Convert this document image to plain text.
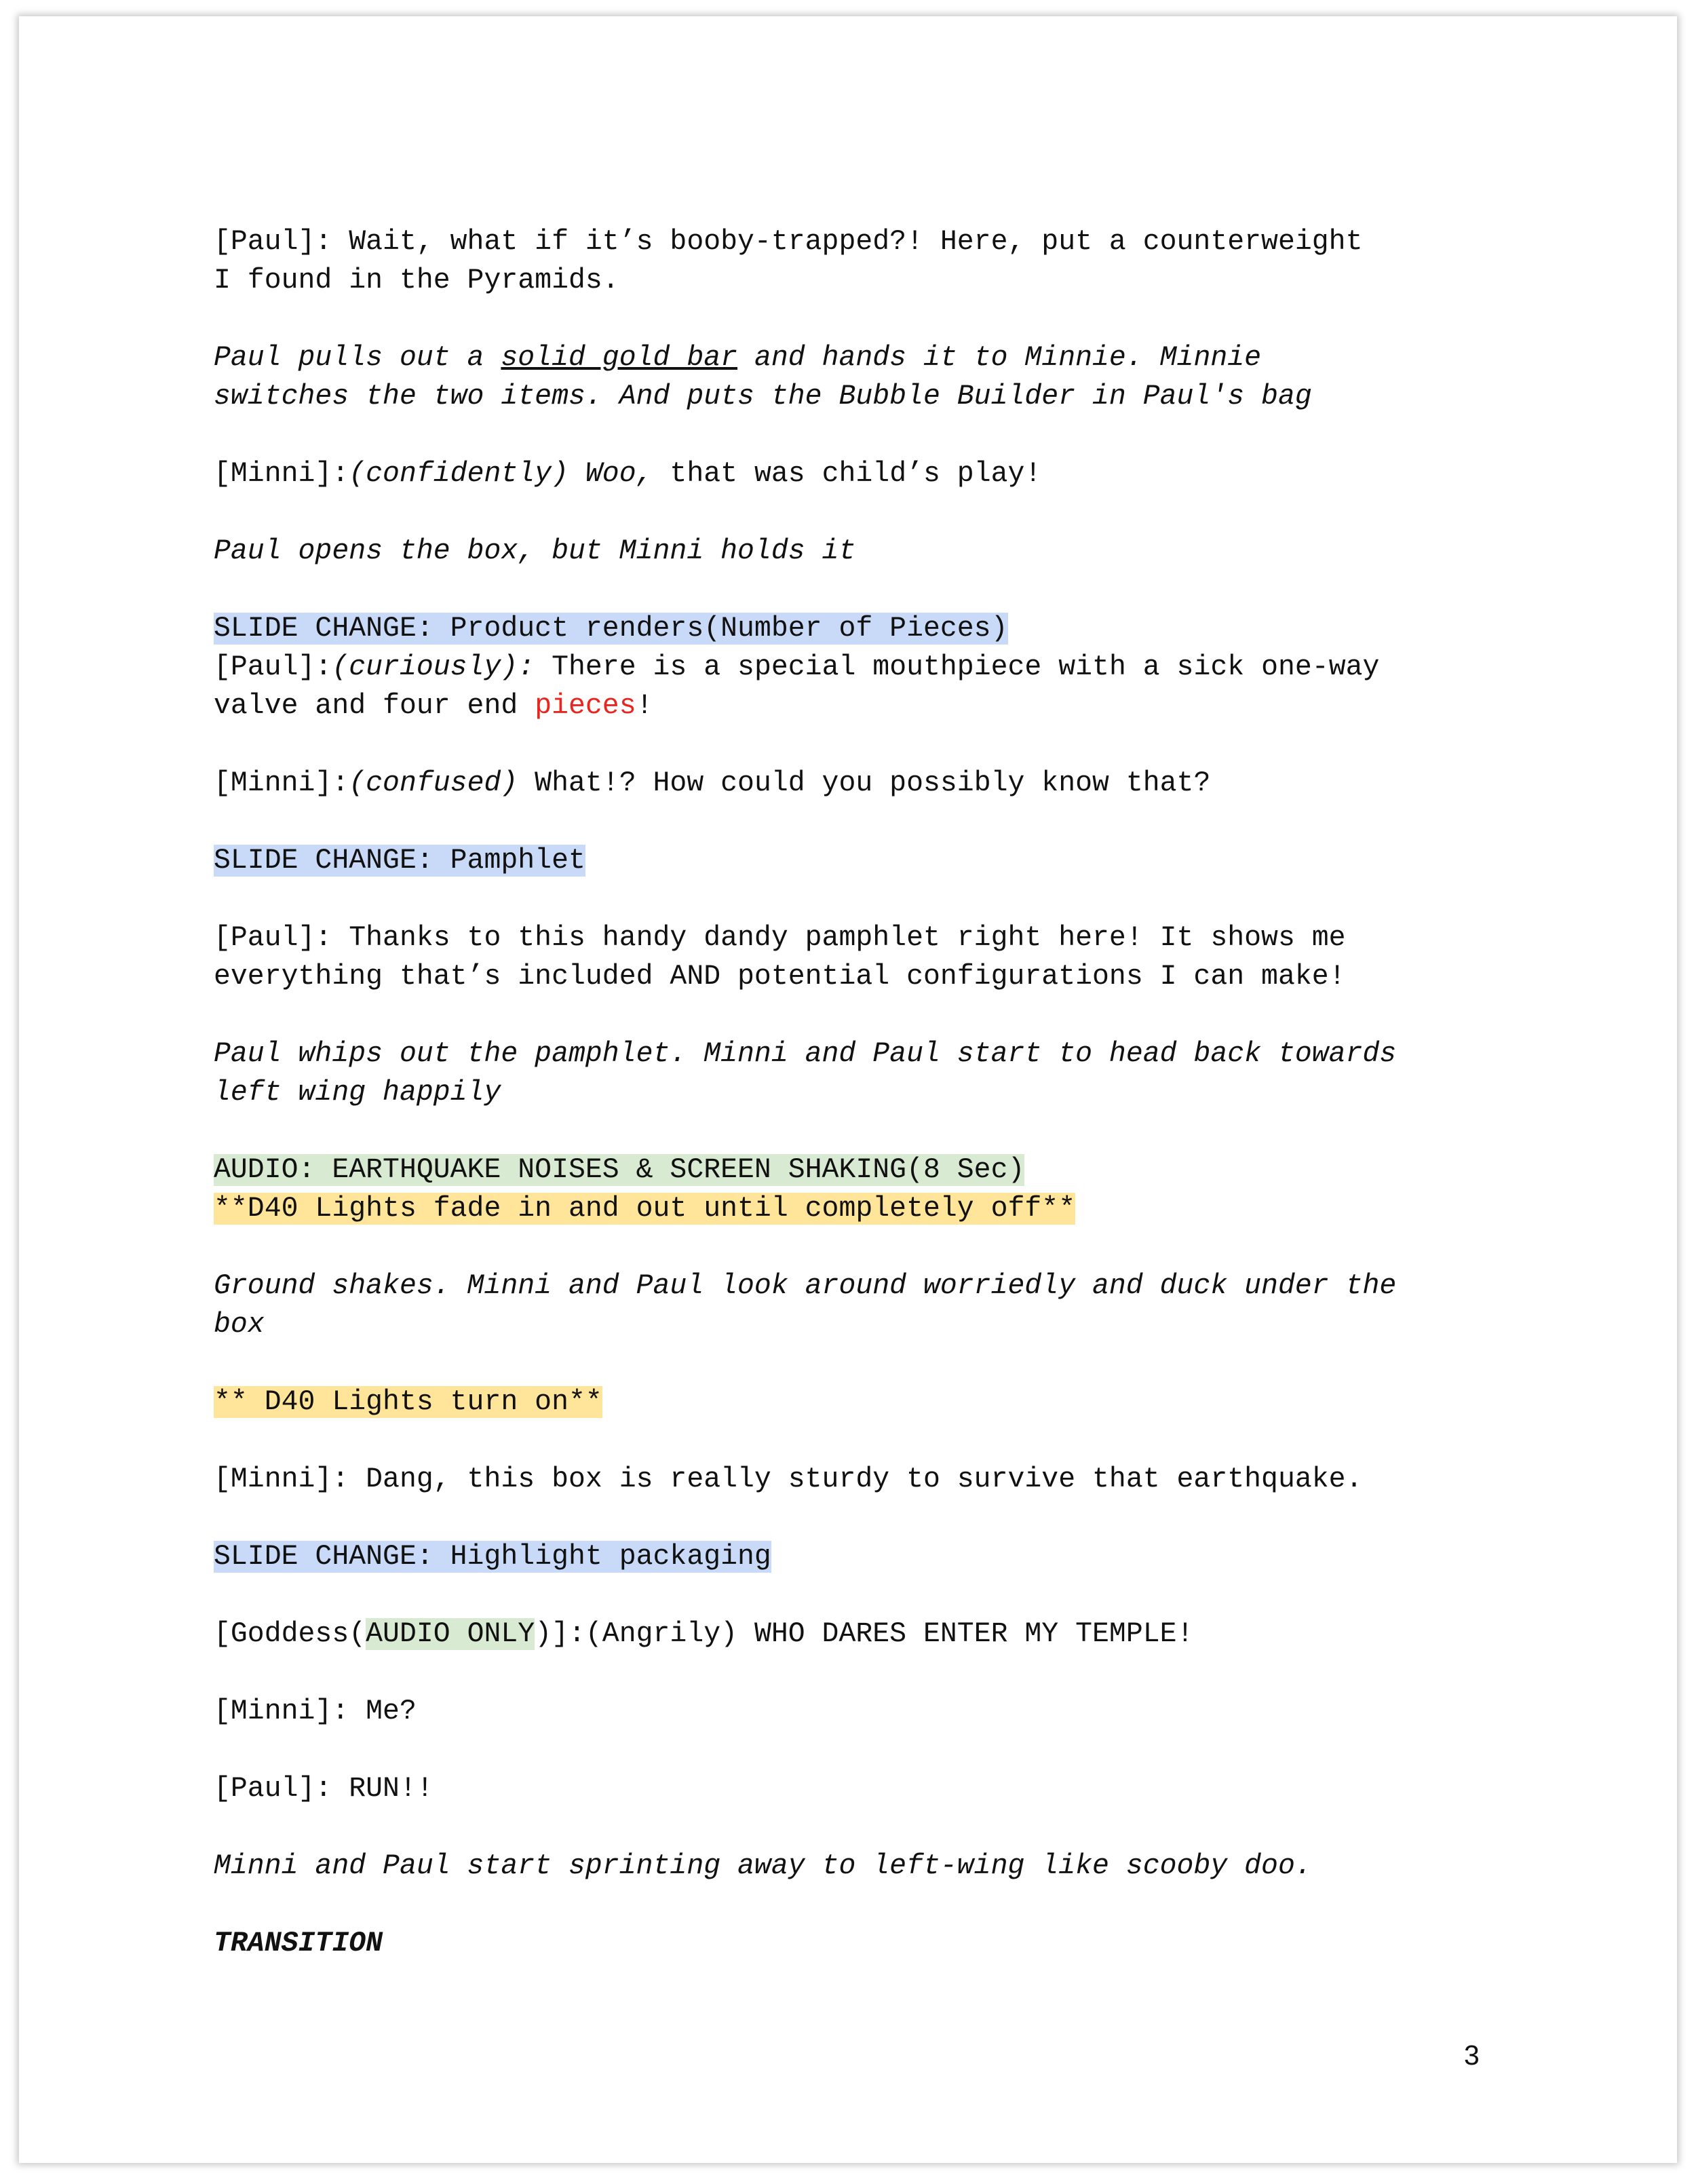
[Paul]: Wait, what if it’s booby-trapped?! Here, put a counterweight
I found in the Pyramids.

Paul pulls out a solid gold bar and hands it to Minnie. Minnie
switches the two items. And puts the Bubble Builder in Paul's bag

[Minni]:(confidently) Woo, that was child’s play!

Paul opens the box, but Minni holds it

SLIDE CHANGE: Product renders(Number of Pieces)

[Paul]:(curiously): There is a special mouthpiece with a sick one-way
valve and four end pieces!

[Minni]:(confused) What!? How could you possibly know that?

SLIDE CHANGE: Pamphlet

[Paul]: Thanks to this handy dandy pamphlet right here! It shows me
everything that’s included AND potential configurations I can make!

Paul whips out the pamphlet. Minni and Paul start to head back towards
left wing happily

AUDIO: EARTHQUAKE NOISES & SCREEN SHAKING(8 Sec)

**D40 Lights fade in and out until completely off**

Ground shakes. Minni and Paul look around worriedly and duck under the
box

** D40 Lights turn on**

[Minni]: Dang, this box is really sturdy to survive that earthquake.

SLIDE CHANGE: Highlight packaging

[Goddess(AUDIO ONLY)]:(Angrily) WHO DARES ENTER MY TEMPLE!

[Minni]: Me?

[Paul]: RUN!!

Minni and Paul start sprinting away to left-wing like scooby doo.

TRANSITION

3
